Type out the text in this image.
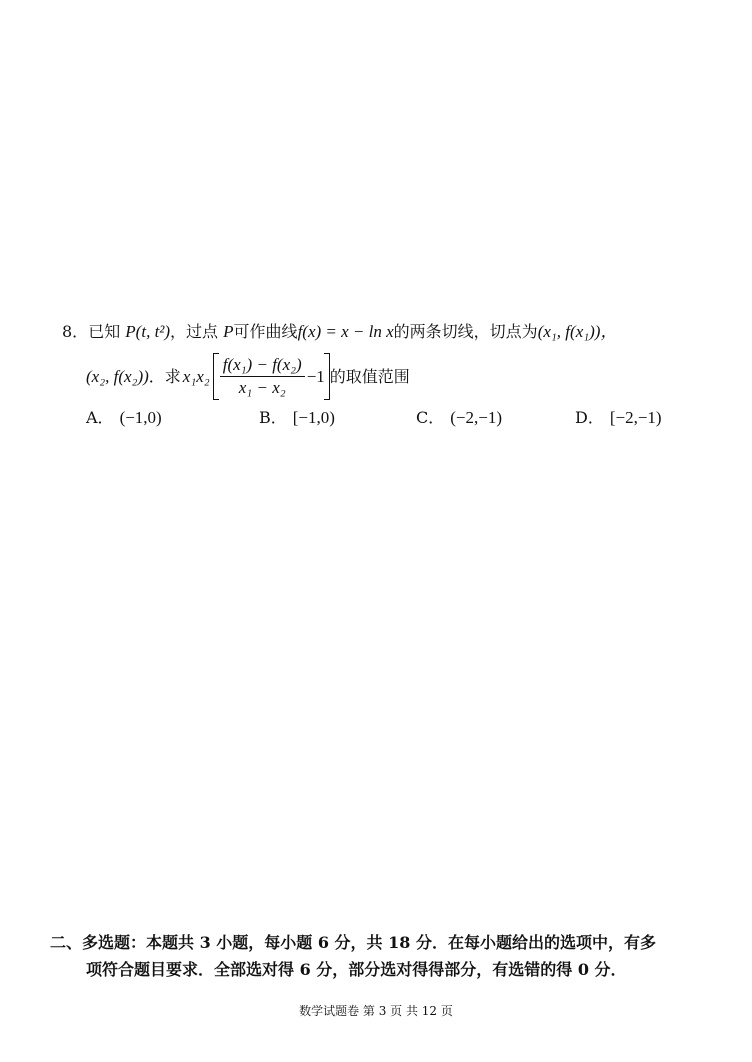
8．已知 P(t, t²)，过点 P可作曲线f(x) = x − ln x的两条切线，切点为(x₁, f(x₁))，
(x₂, f(x₂)) ．求 $x_1x_2 \frac{\text{f(x₁) − f(x₂)}}{\text{x₁ − x₂}} -1$ 的取值范围
A． (−1,0)	B． [−1,0)	C． (−2,−1)	D． [−2,−1)
二、多选题：本题共 3 小题，每小题 6 分，共 18 分．在每小题给出的选项中，有多
项符合题目要求．全部选对得 6 分，部分选对得得部分，有选错的得 0 分．
数学试题卷 第 3 页 共 12 页
